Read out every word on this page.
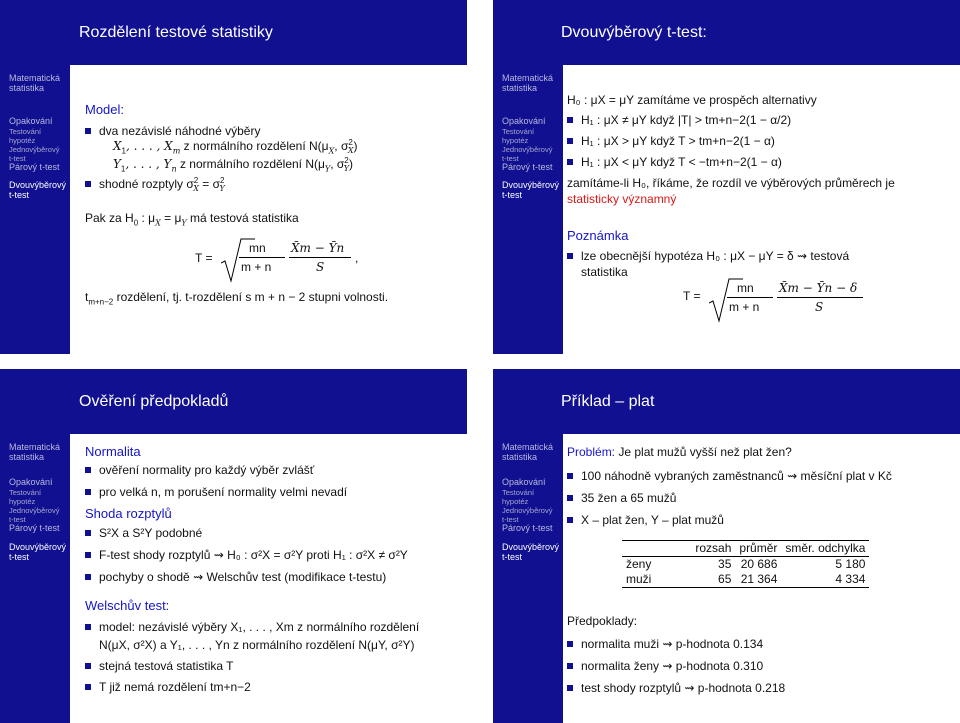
Rozdělení testové statistiky
Matematická
statistika
Opakování
Testování
hypotéz
Jednovýběrový
t-test
Párový t-test
Dvouvýběrový
t-test
Model:
dva nezávislé náhodné výběry
$X_1$, . . . , $X_m$ z normálního rozdělení $N(\mu_X$, $\sigma^2_X$)
$Y_1$, . . . , $Y_n$ z normálního rozdělení $N(\mu_Y$, $\sigma^2_Y$)
shodné rozptyly $\sigma^2_X = \sigma^2_Y$
Pak za $H_0$ : $\mu_X = \mu_Y$ má testová statistika
T =
mn
m + n
X̄m − Ȳn
S
,
$t_{m+n-2}$ rozdělení, tj. t-rozdělení s m + n − 2 stupni volnosti.
Dvouvýběrový t-test:
Matematická
statistika
Opakování
Testování
hypotéz
Jednovýběrový
t-test
Párový t-test
Dvouvýběrový
t-test
H₀ : μX = μY zamítáme ve prospěch alternativy
H₁ : μX ≠ μY když |T| > tm+n−2(1 − α/2)
H₁ : μX > μY když T > tm+n−2(1 − α)
H₁ : μX < μY když T < −tm+n−2(1 − α)
zamítáme-li H₀, říkáme, že rozdíl ve výběrových průměrech je
statisticky významný
Poznámka
lze obecnější hypotéza H₀ : μX − μY = δ ⇝ testová
statistika
T =
mn
m + n
X̄m − Ȳn − δ
S
Ověření předpokladů
Matematická
statistika
Opakování
Testování
hypotéz
Jednovýběrový
t-test
Párový t-test
Dvouvýběrový
t-test
Normalita
ověření normality pro každý výběr zvlášť
pro velká n, m porušení normality velmi nevadí
Shoda rozptylů
S²X a S²Y podobné
F-test shody rozptylů ⇝ H₀ : σ²X = σ²Y proti H₁ : σ²X ≠ σ²Y
pochyby o shodě ⇝ Welschův test (modifikace t-testu)
Welschův test:
model: nezávislé výběry X₁, . . . , Xm z normálního rozdělení
N(μX, σ²X) a Y₁, . . . , Yn z normálního rozdělení N(μY, σ²Y)
stejná testová statistika T
T již nemá rozdělení tm+n−2
Příklad – plat
Matematická
statistika
Opakování
Testování
hypotéz
Jednovýběrový
t-test
Párový t-test
Dvouvýběrový
t-test
Problém: Je plat mužů vyšší než plat žen?
100 náhodně vybraných zaměstnanců ⇝ měsíční plat v Kč
35 žen a 65 mužů
X – plat žen, Y – plat mužů
	rozsah	průměr	směr. odchylka
ženy	35	20 686	5 180
muži	65	21 364	4 334
Předpoklady:
normalita muži ⇝ p-hodnota 0.134
normalita ženy ⇝ p-hodnota 0.310
test shody rozptylů ⇝ p-hodnota 0.218
